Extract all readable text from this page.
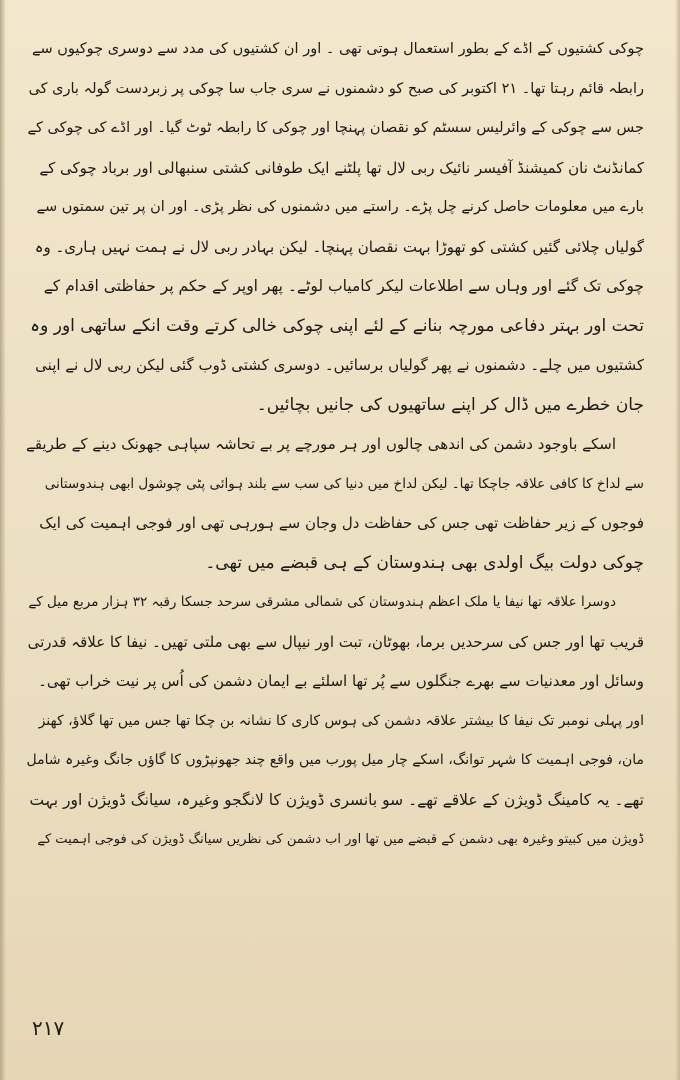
چوکی کشتیوں کے اڈے کے بطور استعمال ہوتی تھی ۔ اور ان کشتیوں کی مدد سے دوسری چوکیوں سے
رابطہ قائم رہتا تھا۔ ۲۱ اکتوبر کی صبح کو دشمنوں نے سری جاب سا چوکی پر زبردست گولہ باری کی
جس سے چوکی کے وائرلیس سسٹم کو نقصان پہنچا اور چوکی کا رابطہ ٹوٹ گیا۔ اور اڈے کی چوکی کے
کمانڈنٹ نان کمیشنڈ آفیسر نائیک ربی لال تھا پلٹنے ایک طوفانی کشتی سنبھالی اور برباد چوکی کے
بارے میں معلومات حاصل کرنے چل پڑے۔ راستے میں دشمنوں کی نظر پڑی۔ اور ان پر تین سمتوں سے
گولیاں چلائی گئیں کشتی کو تھوڑا بہت نقصان پہنچا۔ لیکن بہادر ربی لال نے ہمت نہیں ہاری۔ وہ
چوکی تک گئے اور وہاں سے اطلاعات لیکر کامیاب لوٹے۔ پھر اوپر کے حکم پر حفاظتی اقدام کے
تحت اور بہتر دفاعی مورچہ بنانے کے لئے اپنی چوکی خالی کرتے وقت انکے ساتھی اور وہ
کشتیوں میں چلے۔ دشمنوں نے پھر گولیاں برسائیں۔ دوسری کشتی ڈوب گئی لیکن ربی لال نے اپنی
جان خطرے میں ڈال کر اپنے ساتھیوں کی جانیں بچائیں۔
اسکے باوجود دشمن کی اندھی چالوں اور ہر مورچے پر بے تحاشہ سپاہی جھونک دینے کے طریقے
سے لداخ کا کافی علاقہ جاچکا تھا۔ لیکن لداخ میں دنیا کی سب سے بلند ہوائی پٹی چوشول ابھی ہندوستانی
فوجوں کے زیر حفاظت تھی جس کی حفاظت دل وجان سے ہورہی تھی اور فوجی اہمیت کی ایک
چوکی دولت بیگ اولدی بھی ہندوستان کے ہی قبضے میں تھی۔
دوسرا علاقہ تھا نیفا یا ملک اعظم ہندوستان کی شمالی مشرقی سرحد جسکا رقبہ ۳۲ ہزار مربع میل کے
قریب تھا اور جس کی سرحدیں برما، بھوٹان، تبت اور نیپال سے بھی ملتی تھیں۔ نیفا کا علاقہ قدرتی
وسائل اور معدنیات سے بھرے جنگلوں سے پُر تھا اسلئے بے ایمان دشمن کی اُس پر نیت خراب تھی۔
اور پہلی نومبر تک نیفا کا بیشتر علاقہ دشمن کی ہوس کاری کا نشانہ بن چکا تھا جس میں تھا گلاؤ، کھنز
مان، فوجی اہمیت کا شہر توانگ، اسکے چار میل پورب میں واقع چند جھونپڑوں کا گاؤں جانگ وغیرہ شامل
تھے۔ یہ کامینگ ڈویژن کے علاقے تھے۔ سو بانسری ڈویژن کا لانگجو وغیرہ، سیانگ ڈویژن اور بہت
ڈویژن میں کبیتو وغیرہ بھی دشمن کے قبضے میں تھا اور اب دشمن کی نظریں سیانگ ڈویژن کی فوجی اہمیت کے
۲۱۷
